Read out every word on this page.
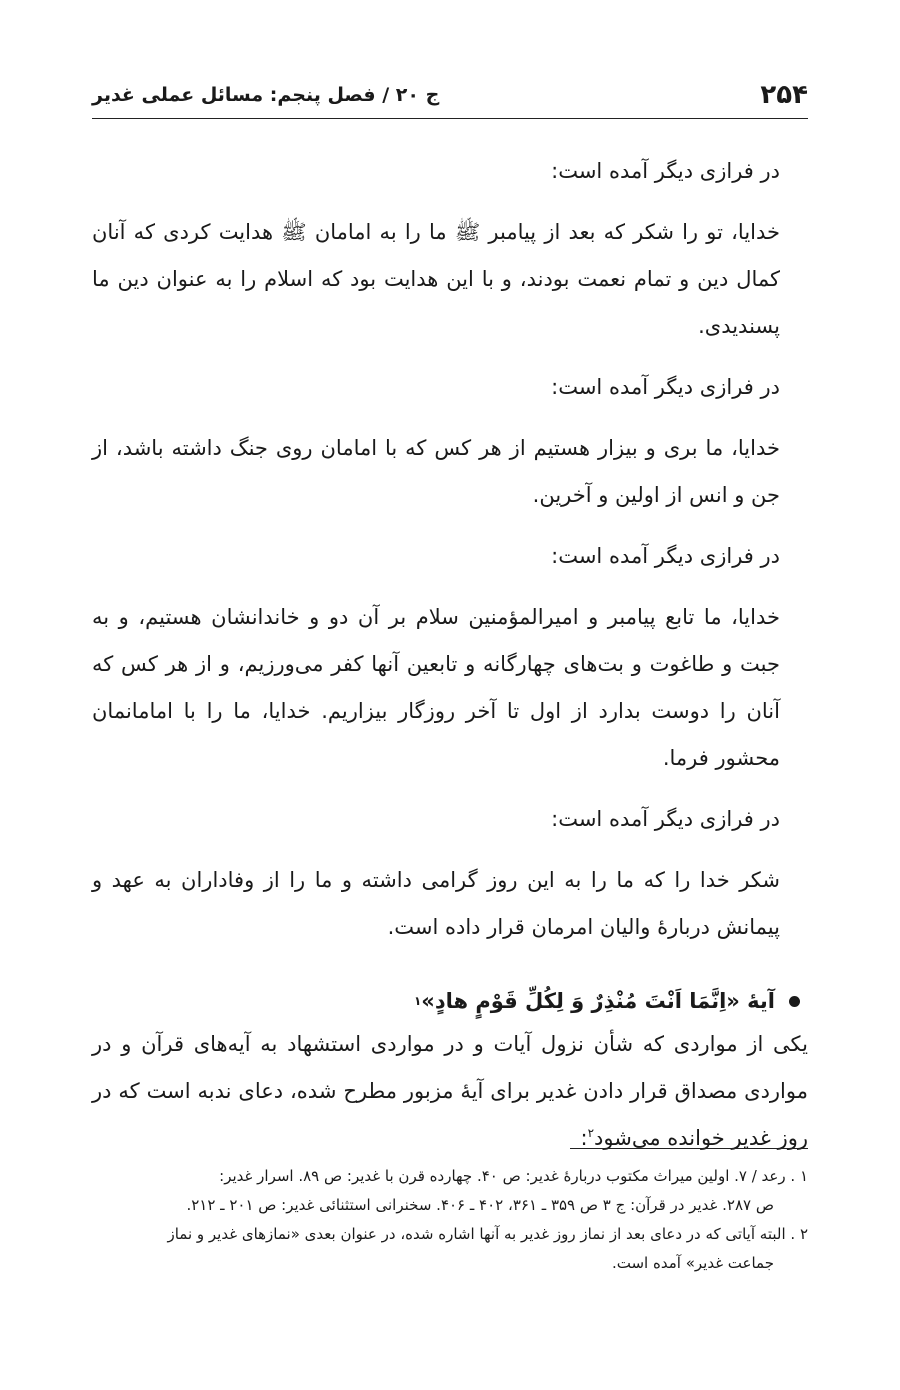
۲۵۴
ج ۲۰ / فصل پنجم: مسائل عملی غدیر

در فرازی دیگر آمده است:

خدایا، تو را شکر که بعد از پیامبر ﷺ ما را به امامان ﷺ هدایت کردی که آنان کمال دین و تمام نعمت بودند، و با این هدایت بود که اسلام را به عنوان دین ما پسندیدی.

در فرازی دیگر آمده است:

خدایا، ما بری و بیزار هستیم از هر کس که با امامان روی جنگ داشته باشد، از جن و انس از اولین و آخرین.

در فرازی دیگر آمده است:

خدایا، ما تابع پیامبر و امیرالمؤمنین سلام بر آن دو و خاندانشان هستیم، و به جبت و طاغوت و بت‌های چهارگانه و تابعین آنها کفر می‌ورزیم، و از هر کس که آنان را دوست بدارد از اول تا آخر روزگار بیزاریم. خدایا، ما را با امامانمان محشور فرما.

در فرازی دیگر آمده است:

شکر خدا را که ما را به این روز گرامی داشته و ما را از وفاداران به عهد و پیمانش دربارهٔ والیان امرمان قرار داده است.

آیهٔ «اِنَّمَا اَنْتَ مُنْذِرٌ وَ لِكُلِّ قَوْمٍ هادٍ»
۱

یکی از مواردی که شأن نزول آیات و در مواردی استشهاد به آیه‌های قرآن و در مواردی مصداق قرار دادن غدیر برای آیهٔ مزبور مطرح شده، دعای ندبه است که در روز غدیر خوانده می‌شود$^۲$:

۱ . رعد / ۷. اولین میراث مکتوب دربارهٔ غدیر: ص ۴۰. چهارده قرن با غدیر: ص ۸۹. اسرار غدیر:

ص ۲۸۷. غدیر در قرآن: ج ۳ ص ۳۵۹ ـ ۳۶۱، ۴۰۲ ـ ۴۰۶. سخنرانی استثنائی غدیر: ص ۲۰۱ ـ ۲۱۲.

۲ . البته آیاتی که در دعای بعد از نماز روز غدیر به آنها اشاره شده، در عنوان بعدی «نمازهای غدیر و نماز

جماعت غدیر» آمده است.
